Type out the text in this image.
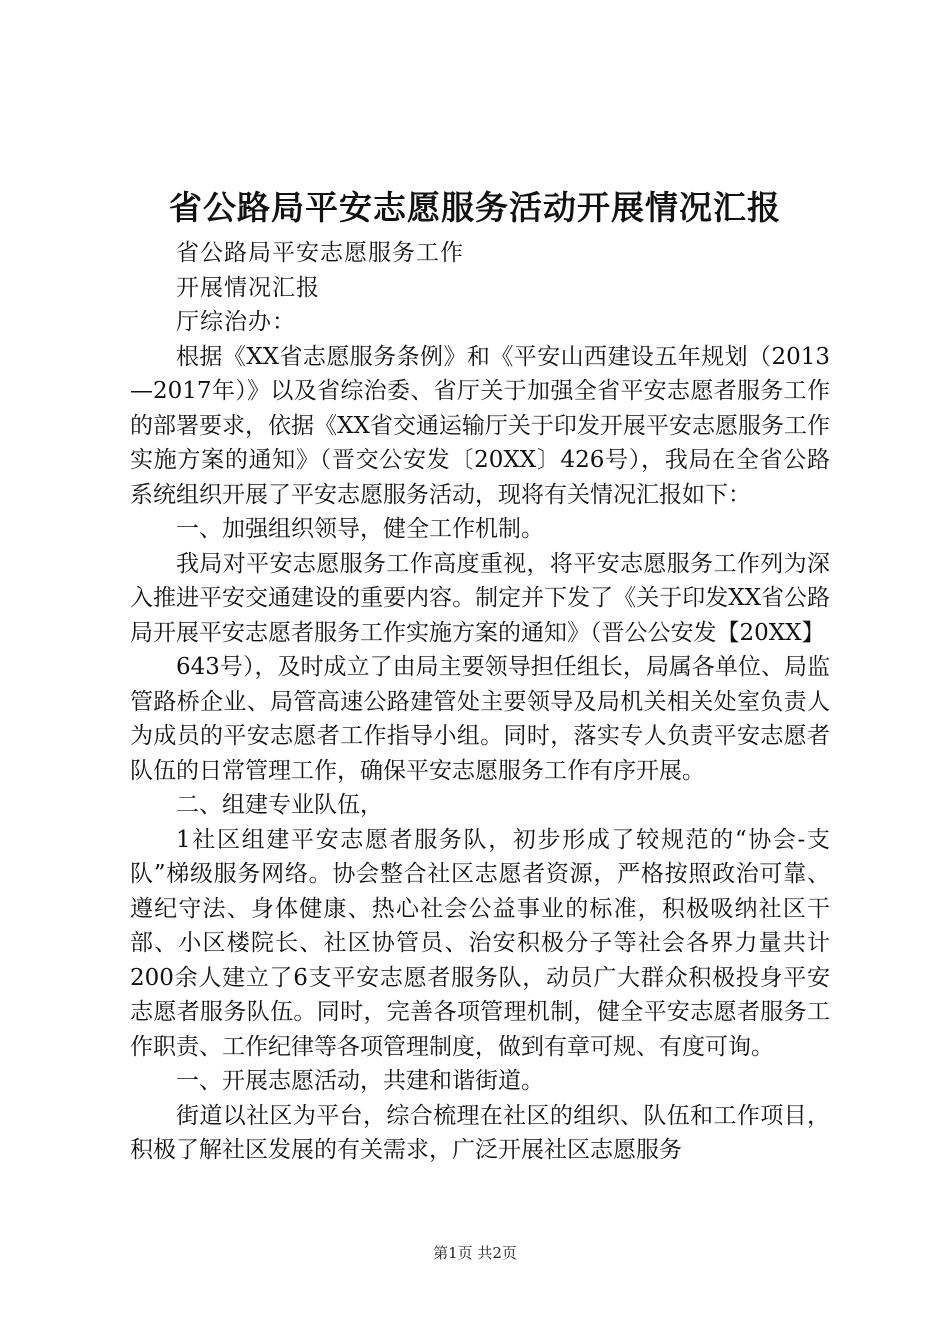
省公路局平安志愿服务活动开展情况汇报

省公路局平安志愿服务工作

开展情况汇报

厅综治办：

根据《XX省志愿服务条例》和《平安山西建设五年规划（2013—2017年）》以及省综治委、省厅关于加强全省平安志愿者服务工作的部署要求，依据《XX省交通运输厅关于印发开展平安志愿服务工作实施方案的通知》（晋交公安发〔20XX〕426号），我局在全省公路系统组织开展了平安志愿服务活动，现将有关情况汇报如下：

一、加强组织领导，健全工作机制。

我局对平安志愿服务工作高度重视，将平安志愿服务工作列为深入推进平安交通建设的重要内容。制定并下发了《关于印发XX省公路局开展平安志愿者服务工作实施方案的通知》（晋公公安发【20XX】

643号），及时成立了由局主要领导担任组长，局属各单位、局监管路桥企业、局管高速公路建管处主要领导及局机关相关处室负责人为成员的平安志愿者工作指导小组。同时，落实专人负责平安志愿者队伍的日常管理工作，确保平安志愿服务工作有序开展。

二、组建专业队伍，

1社区组建平安志愿者服务队，初步形成了较规范的“协会-支队”梯级服务网络。协会整合社区志愿者资源，严格按照政治可靠、遵纪守法、身体健康、热心社会公益事业的标准，积极吸纳社区干部、小区楼院长、社区协管员、治安积极分子等社会各界力量共计200余人建立了6支平安志愿者服务队，动员广大群众积极投身平安志愿者服务队伍。同时，完善各项管理机制，健全平安志愿者服务工作职责、工作纪律等各项管理制度，做到有章可规、有度可询。

一、开展志愿活动，共建和谐街道。

街道以社区为平台，综合梳理在社区的组织、队伍和工作项目，积极了解社区发展的有关需求，广泛开展社区志愿服务

第1页 共2页
